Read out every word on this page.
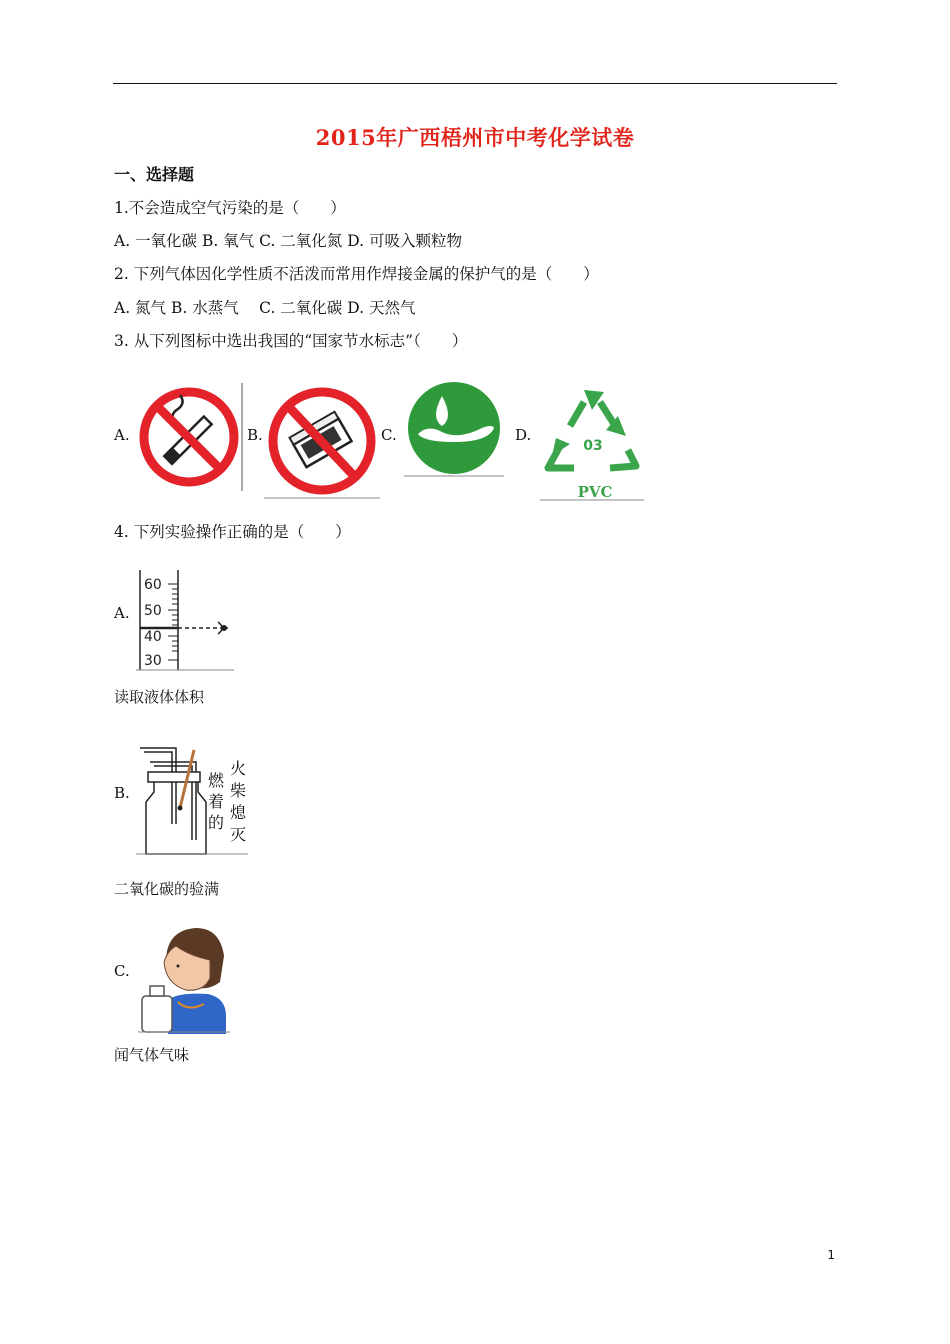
2015年广西梧州市中考化学试卷
一、选择题
1.不会造成空气污染的是（　　）
A. 一氧化碳 B. 氧气 C. 二氧化氮 D. 可吸入颗粒物
2. 下列气体因化学性质不活泼而常用作焊接金属的保护气的是（　　）
A. 氮气 B. 水蒸气　 C. 二氧化碳 D. 天然气
3. 从下列图标中选出我国的“国家节水标志”（　　）
A.	B.	C.	D.
03
PVC
4. 下列实验操作正确的是（　　）
A.
60
50
40
30
读取液体体积
B.
燃着的
火柴熄灭
二氧化碳的验满
C.
闻气体气味
1
